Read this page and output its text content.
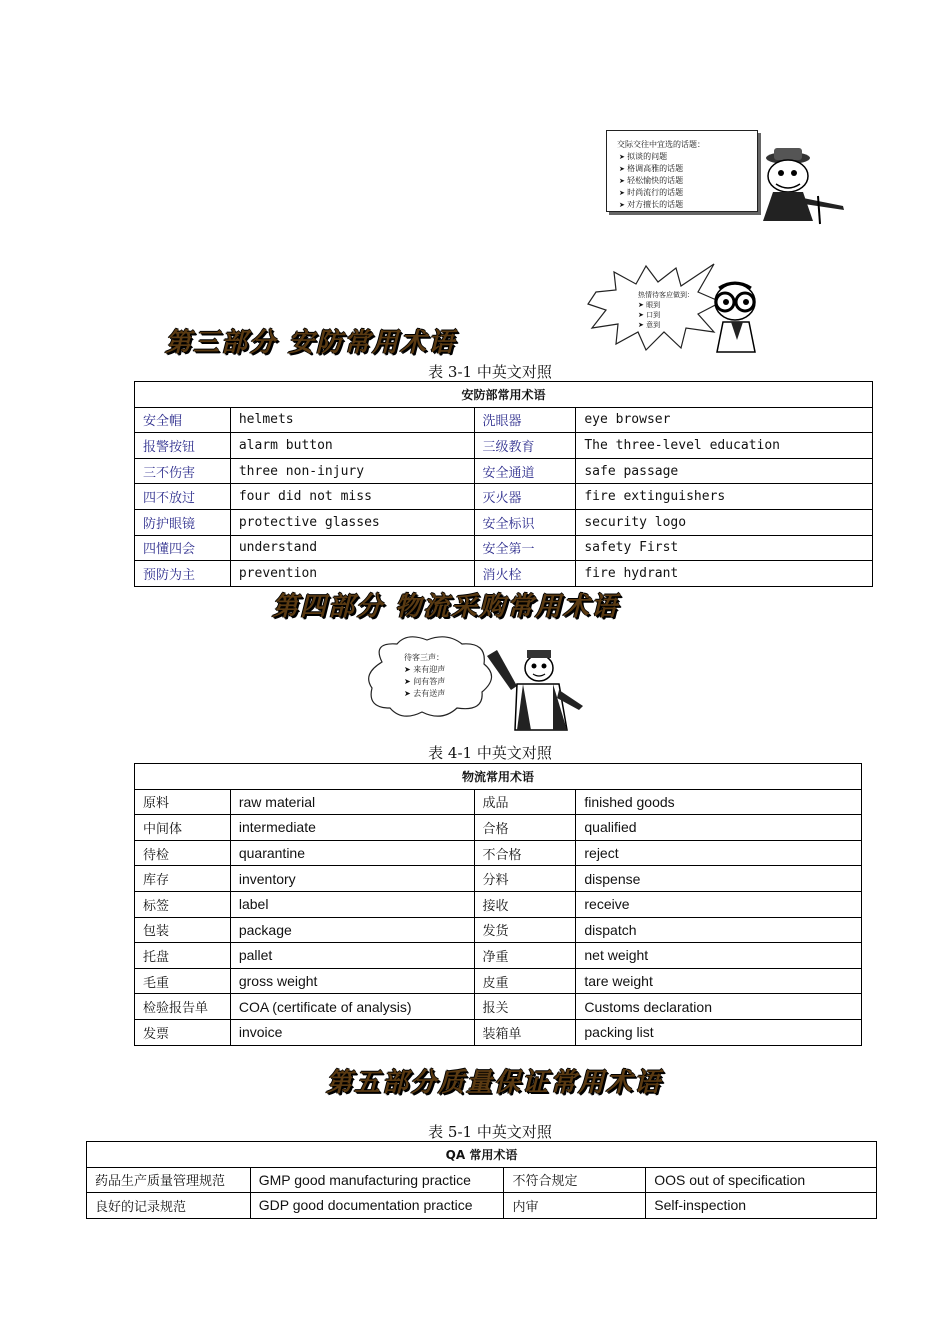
交际交往中宜选的话题：
➤ 拟谈的问题
➤ 格调高雅的话题
➤ 轻松愉快的话题
➤ 时尚流行的话题
➤ 对方擅长的话题
热情待客应做到：
➤ 眼到
➤ 口到
➤ 意到
第三部分 安防常用术语
表 3-1 中英文对照
安防部常用术语			
安全帽	helmets	洗眼器	eye browser
报警按钮	alarm button	三级教育	The three-level education
三不伤害	three non-injury	安全通道	safe passage
四不放过	four did not miss	灭火器	fire extinguishers
防护眼镜	protective glasses	安全标识	security logo
四懂四会	understand	安全第一	safety First
预防为主	prevention	消火栓	fire hydrant
第四部分 物流采购常用术语
待客三声：
➤ 来有迎声
➤ 问有答声
➤ 去有送声
表 4-1 中英文对照
物流常用术语			
原料	raw material	成品	finished goods
中间体	intermediate	合格	qualified
待检	quarantine	不合格	reject
库存	inventory	分料	dispense
标签	label	接收	receive
包装	package	发货	dispatch
托盘	pallet	净重	net weight
毛重	gross weight	皮重	tare weight
检验报告单	COA (certificate of analysis)	报关	Customs declaration
发票	invoice	装箱单	packing list
第五部分质量保证常用术语
表 5-1 中英文对照
QA 常用术语			
药品生产质量管理规范	GMP good manufacturing practice	不符合规定	OOS out of specification
良好的记录规范	GDP good documentation practice	内审	Self-inspection
